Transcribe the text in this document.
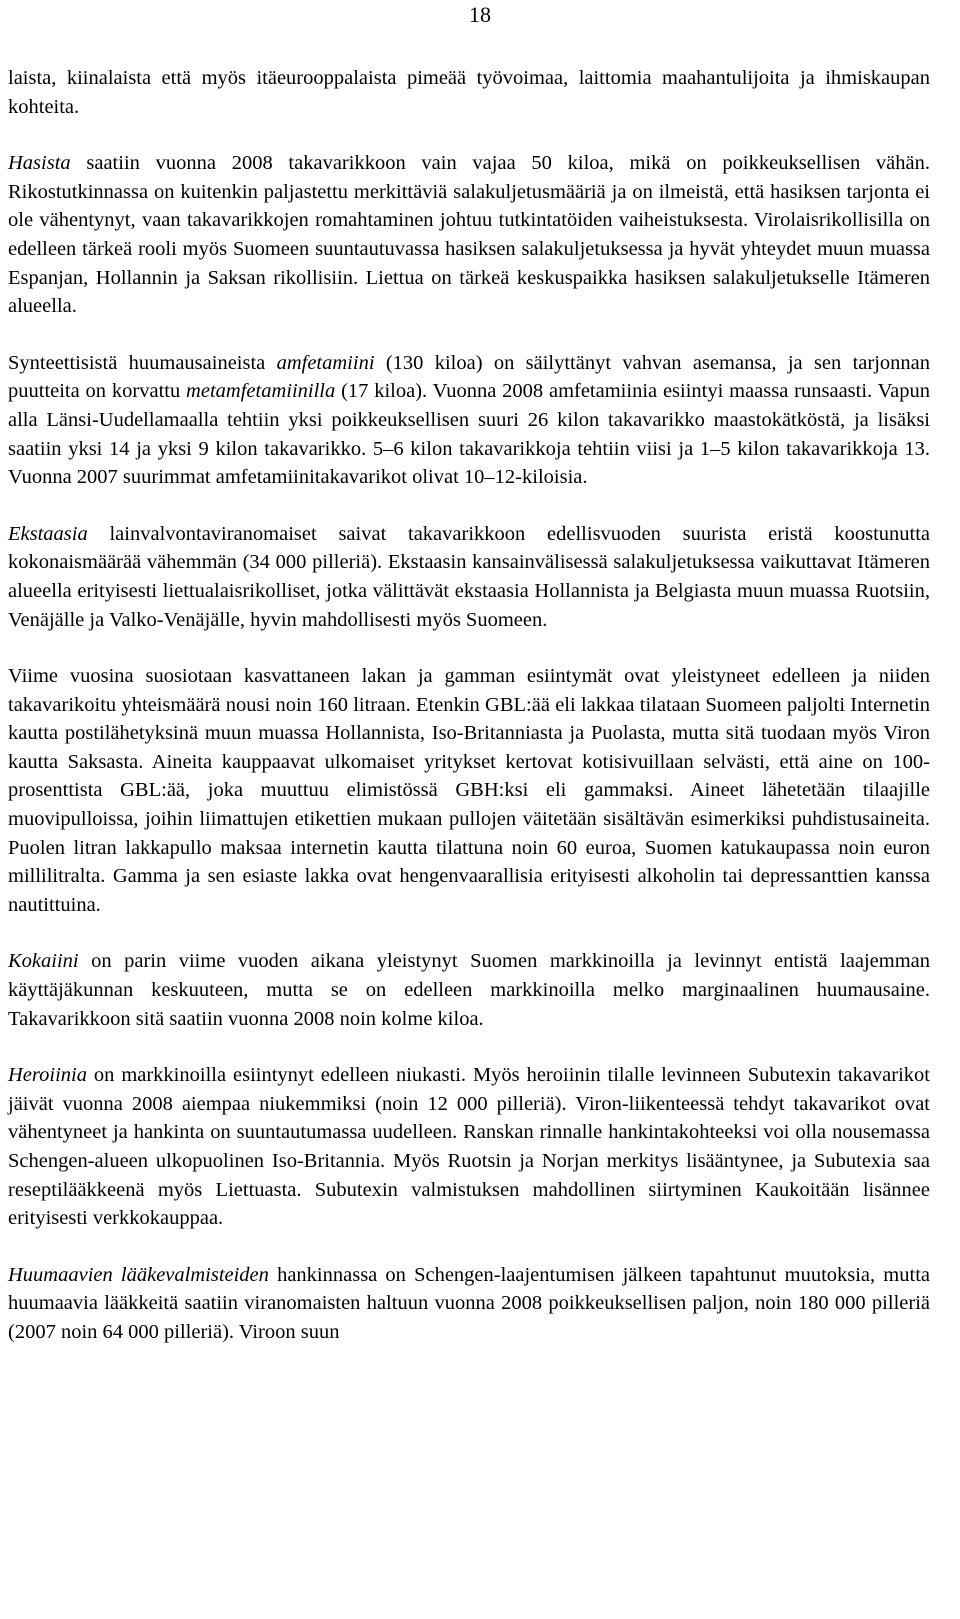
18

laista, kiinalaista että myös itäeurooppalaista pimeää työvoimaa, laittomia maahantulijoita ja ihmiskaupan kohteita.

Hasista saatiin vuonna 2008 takavarikkoon vain vajaa 50 kiloa, mikä on poikkeuksellisen vähän. Rikostutkinnassa on kuitenkin paljastettu merkittäviä salakuljetusmääriä ja on ilmeistä, että hasiksen tarjonta ei ole vähentynyt, vaan takavarikkojen romahtaminen johtuu tutkintatöiden vaiheistuksesta. Virolaisrikollisilla on edelleen tärkeä rooli myös Suomeen suuntautuvassa hasiksen salakuljetuksessa ja hyvät yhteydet muun muassa Espanjan, Hollannin ja Saksan rikollisiin. Liettua on tärkeä keskuspaikka hasiksen salakuljetukselle Itämeren alueella.

Synteettisistä huumausaineista amfetamiini (130 kiloa) on säilyttänyt vahvan asemansa, ja sen tarjonnan puutteita on korvattu metamfetamiinilla (17 kiloa). Vuonna 2008 amfetamiinia esiintyi maassa runsaasti. Vapun alla Länsi-Uudellamaalla tehtiin yksi poikkeuksellisen suuri 26 kilon takavarikko maastokätköstä, ja lisäksi saatiin yksi 14 ja yksi 9 kilon takavarikko. 5–6 kilon takavarikkoja tehtiin viisi ja 1–5 kilon takavarikkoja 13. Vuonna 2007 suurimmat amfetamiinitakavarikot olivat 10–12-kiloisia.

Ekstaasia lainvalvontaviranomaiset saivat takavarikkoon edellisvuoden suurista eristä koostunutta kokonaismäärää vähemmän (34 000 pilleriä). Ekstaasin kansainvälisessä salakuljetuksessa vaikuttavat Itämeren alueella erityisesti liettualaisrikolliset, jotka välittävät ekstaasia Hollannista ja Belgiasta muun muassa Ruotsiin, Venäjälle ja Valko-Venäjälle, hyvin mahdollisesti myös Suomeen.

Viime vuosina suosiotaan kasvattaneen lakan ja gamman esiintymät ovat yleistyneet edelleen ja niiden takavarikoitu yhteismäärä nousi noin 160 litraan. Etenkin GBL:ää eli lakkaa tilataan Suomeen paljolti Internetin kautta postilähetyksinä muun muassa Hollannista, Iso-Britanniasta ja Puolasta, mutta sitä tuodaan myös Viron kautta Saksasta. Aineita kauppaavat ulkomaiset yritykset kertovat kotisivuillaan selvästi, että aine on 100-prosenttista GBL:ää, joka muuttuu elimistössä GBH:ksi eli gammaksi. Aineet lähetetään tilaajille muovipulloissa, joihin liimattujen etikettien mukaan pullojen väitetään sisältävän esimerkiksi puhdistusaineita. Puolen litran lakkapullo maksaa internetin kautta tilattuna noin 60 euroa, Suomen katukaupassa noin euron millilitralta. Gamma ja sen esiaste lakka ovat hengenvaarallisia erityisesti alkoholin tai depressanttien kanssa nautittuina.

Kokaiini on parin viime vuoden aikana yleistynyt Suomen markkinoilla ja levinnyt entistä laajemman käyttäjäkunnan keskuuteen, mutta se on edelleen markkinoilla melko marginaalinen huumausaine. Takavarikkoon sitä saatiin vuonna 2008 noin kolme kiloa.

Heroiinia on markkinoilla esiintynyt edelleen niukasti. Myös heroiinin tilalle levinneen Subutexin takavarikot jäivät vuonna 2008 aiempaa niukemmiksi (noin 12 000 pilleriä). Viron-liikenteessä tehdyt takavarikot ovat vähentyneet ja hankinta on suuntautumassa uudelleen. Ranskan rinnalle hankintakohteeksi voi olla nousemassa Schengen-alueen ulkopuolinen Iso-Britannia. Myös Ruotsin ja Norjan merkitys lisääntynee, ja Subutexia saa reseptilääkkeenä myös Liettuasta. Subutexin valmistuksen mahdollinen siirtyminen Kaukoitään lisännee erityisesti verkkokauppaa.

Huumaavien lääkevalmisteiden hankinnassa on Schengen-laajentumisen jälkeen tapahtunut muutoksia, mutta huumaavia lääkkeitä saatiin viranomaisten haltuun vuonna 2008 poikkeuksellisen paljon, noin 180 000 pilleriä (2007 noin 64 000 pilleriä). Viroon suun
